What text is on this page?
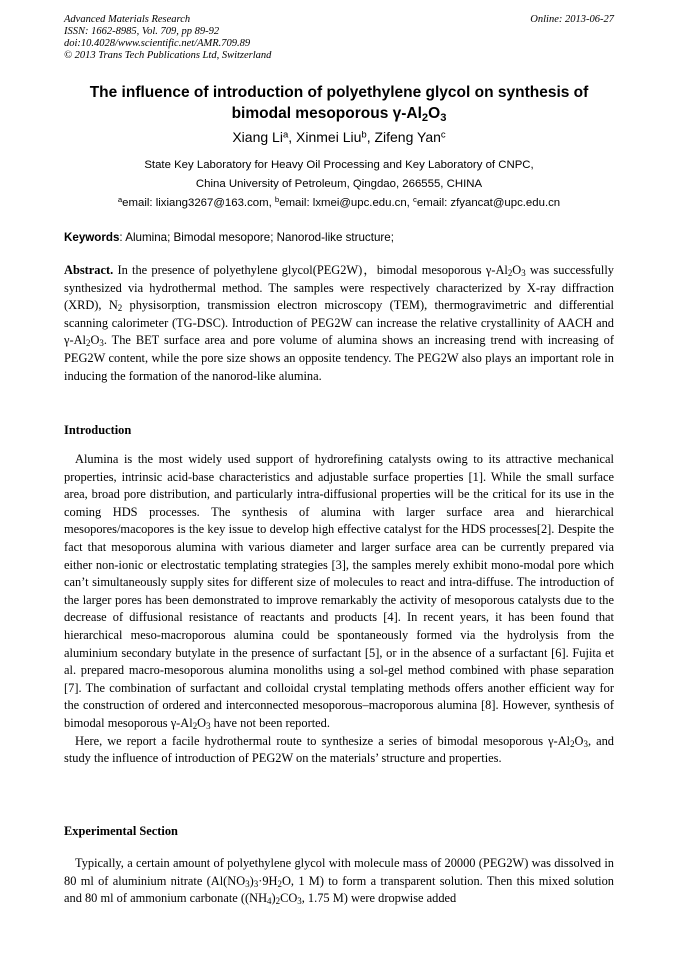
Advanced Materials Research
ISSN: 1662-8985, Vol. 709, pp 89-92
doi:10.4028/www.scientific.net/AMR.709.89
© 2013 Trans Tech Publications Ltd, Switzerland
Online: 2013-06-27
The influence of introduction of polyethylene glycol on synthesis of
bimodal mesoporous $\gamma-Al_2O_3$
Xiang Li$^a$, Xinmei Liu$^b$, Zifeng Yan$^c$
State Key Laboratory for Heavy Oil Processing and Key Laboratory of CNPC,
China University of Petroleum, Qingdao, 266555, CHINA
$^a$email: lixiang3267@163.com, $^b$email: lxmei@upc.edu.cn, $^c$email: zfyancat@upc.edu.cn
Keywords: Alumina; Bimodal mesopore; Nanorod-like structure;

Abstract. In the presence of polyethylene glycol(PEG2W)，bimodal mesoporous $\gamma-Al_2O_3$ was successfully synthesized via hydrothermal method. The samples were respectively characterized by X-ray diffraction (XRD), $N_2$ physisorption, transmission electron microscopy (TEM), thermogravimetric and differential scanning calorimeter (TG-DSC). Introduction of PEG2W can increase the relative crystallinity of AACH and $\gamma-Al_2O_3$. The BET surface area and pore volume of alumina shows an increasing trend with increasing of PEG2W content, while the pore size shows an opposite tendency. The PEG2W also plays an important role in inducing the formation of the nanorod-like alumina.

Introduction

Alumina is the most widely used support of hydrorefining catalysts owing to its attractive mechanical properties, intrinsic acid-base characteristics and adjustable surface properties [1]. While the small surface area, broad pore distribution, and particularly intra-diffusional properties will be the critical for its use in the coming HDS processes. The synthesis of alumina with larger surface area and hierarchical mesopores/macopores is the key issue to develop high effective catalyst for the HDS processes[2]. Despite the fact that mesoporous alumina with various diameter and larger surface area can be currently prepared via either non-ionic or electrostatic templating strategies [3], the samples merely exhibit mono-modal pore which can’t simultaneously supply sites for different size of molecules to react and intra-diffuse. The introduction of the larger pores has been demonstrated to improve remarkably the activity of mesoporous catalysts due to the decrease of diffusional resistance of reactants and products [4]. In recent years, it has been found that hierarchical meso-macroporous alumina could be spontaneously formed via the hydrolysis from the aluminium secondary butylate in the presence of surfactant [5], or in the absence of a surfactant [6]. Fujita et al. prepared macro-mesoporous alumina monoliths using a sol-gel method combined with phase separation [7]. The combination of surfactant and colloidal crystal templating methods offers another efficient way for the construction of ordered and interconnected mesoporous–macroporous alumina [8]. However, synthesis of bimodal mesoporous $\gamma-Al_2O_3$ have not been reported.

Here, we report a facile hydrothermal route to synthesize a series of bimodal mesoporous $\gamma-Al_2O_3$, and study the influence of introduction of PEG2W on the materials’ structure and properties.

Experimental Section

Typically, a certain amount of polyethylene glycol with molecule mass of 20000 (PEG2W) was dissolved in 80 ml of aluminium nitrate ($Al(NO_3)_3\cdot 9H_2O$, 1 M) to form a transparent solution. Then this mixed solution and 80 ml of ammonium carbonate ($(NH_4)_2CO_3$, 1.75 M) were dropwise added
